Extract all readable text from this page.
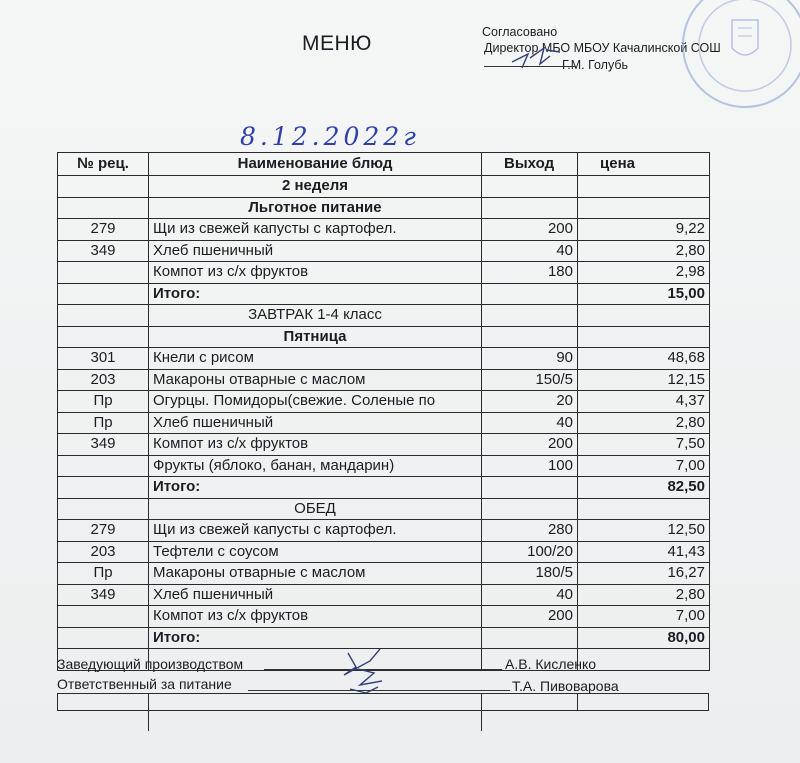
МЕНЮ	Согласовано
Директор МБО МБОУ Качалинской СОШ
Г.М. Голубь
8.12.2022г
№ рец.	Наименование блюд	Выход	цена
	2 неделя		
	Льготное питание		
279	Щи из свежей капусты с картофел.	200	9,22
349	Хлеб пшеничный	40	2,80
	Компот из с/х фруктов	180	2,98
	Итого:		15,00
	ЗАВТРАК 1-4 класс		
	Пятница		
301	Кнели с рисом	90	48,68
203	Макароны отварные с маслом	150/5	12,15
Пр	Огурцы. Помидоры(свежие. Соленые по	20	4,37
Пр	Хлеб пшеничный	40	2,80
349	Компот из с/х фруктов	200	7,50
	Фрукты (яблоко, банан, мандарин)	100	7,00
	Итого:		82,50
	ОБЕД		
279	Щи из свежей капусты с картофел.	280	12,50
203	Тефтели с соусом	100/20	41,43
Пр	Макароны отварные с маслом	180/5	16,27
349	Хлеб пшеничный	40	2,80
	Компот из с/х фруктов	200	7,00
	Итого:		80,00

Заведующий производством	А.В. Кисленко
Ответственный за питание	Т.А. Пивоварова
